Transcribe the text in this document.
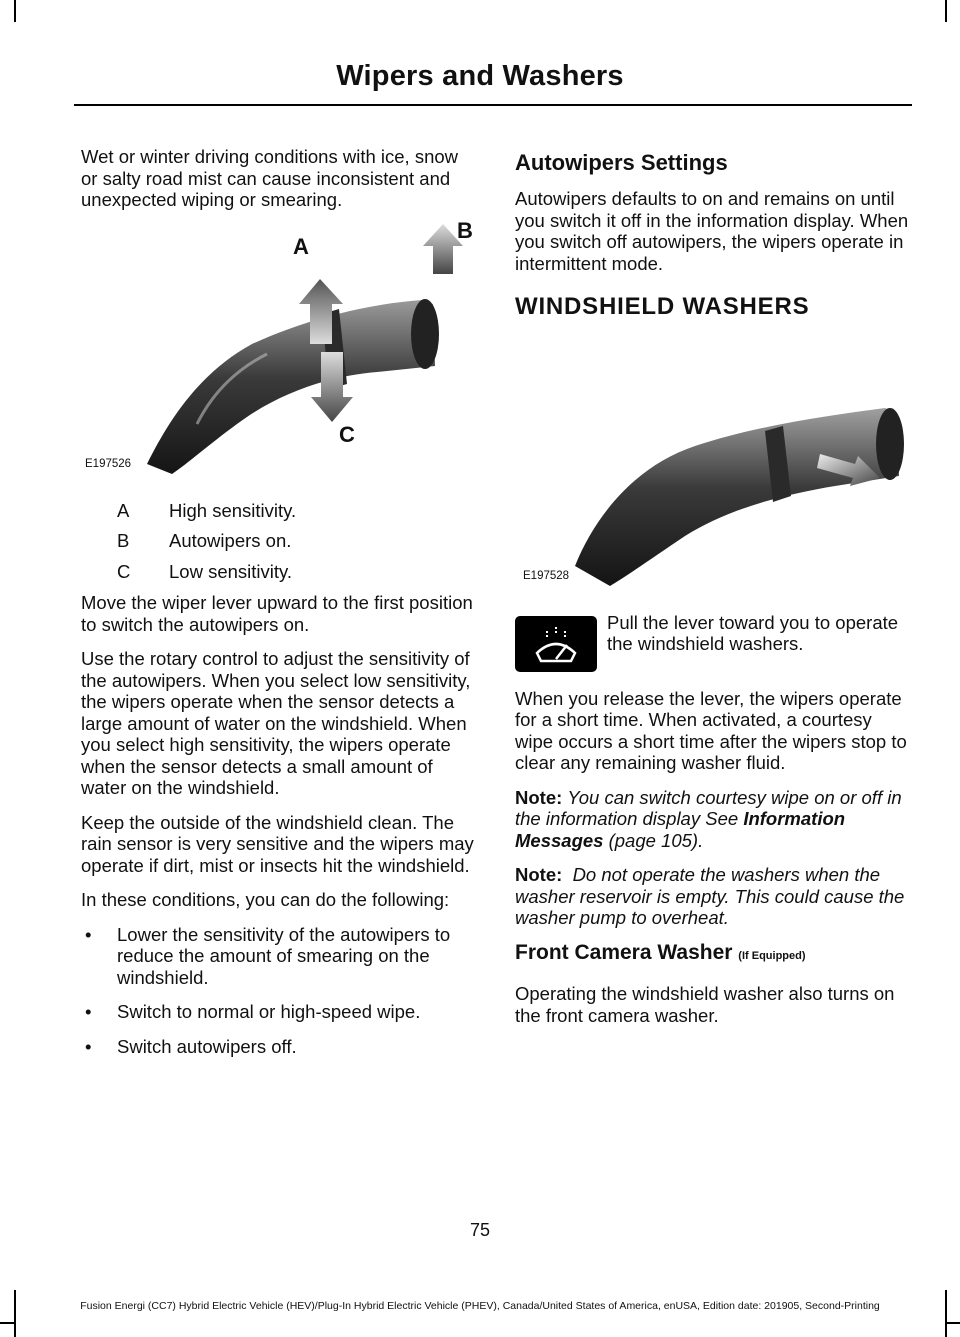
Wipers and Washers

Wet or winter driving conditions with ice, snow or salty road mist can cause inconsistent and unexpected wiping or smearing.

A
B
C
E197526
A	High sensitivity.
B	Autowipers on.
C	Low sensitivity.

Move the wiper lever upward to the first position to switch the autowipers on.

Use the rotary control to adjust the sensitivity of the autowipers. When you select low sensitivity, the wipers operate when the sensor detects a large amount of water on the windshield. When you select high sensitivity, the wipers operate when the sensor detects a small amount of water on the windshield.

Keep the outside of the windshield clean. The rain sensor is very sensitive and the wipers may operate if dirt, mist or insects hit the windshield.

In these conditions, you can do the following:

• Lower the sensitivity of the autowipers to reduce the amount of smearing on the windshield.
• Switch to normal or high-speed wipe.
• Switch autowipers off.
Autowipers Settings

Autowipers defaults to on and remains on until you switch it off in the information display. When you switch off autowipers, the wipers operate in intermittent mode.

WINDSHIELD WASHERS
E197528
Pull the lever toward you to operate the windshield washers.

When you release the lever, the wipers operate for a short time. When activated, a courtesy wipe occurs a short time after the wipers stop to clear any remaining washer fluid.

Note: You can switch courtesy wipe on or off in the information display See Information Messages (page 105).

Note: Do not operate the washers when the washer reservoir is empty. This could cause the washer pump to overheat.

Front Camera Washer (If Equipped)

Operating the windshield washer also turns on the front camera washer.

75
Fusion Energi (CC7) Hybrid Electric Vehicle (HEV)/Plug-In Hybrid Electric Vehicle (PHEV), Canada/United States of America, enUSA, Edition date: 201905, Second-Printing
